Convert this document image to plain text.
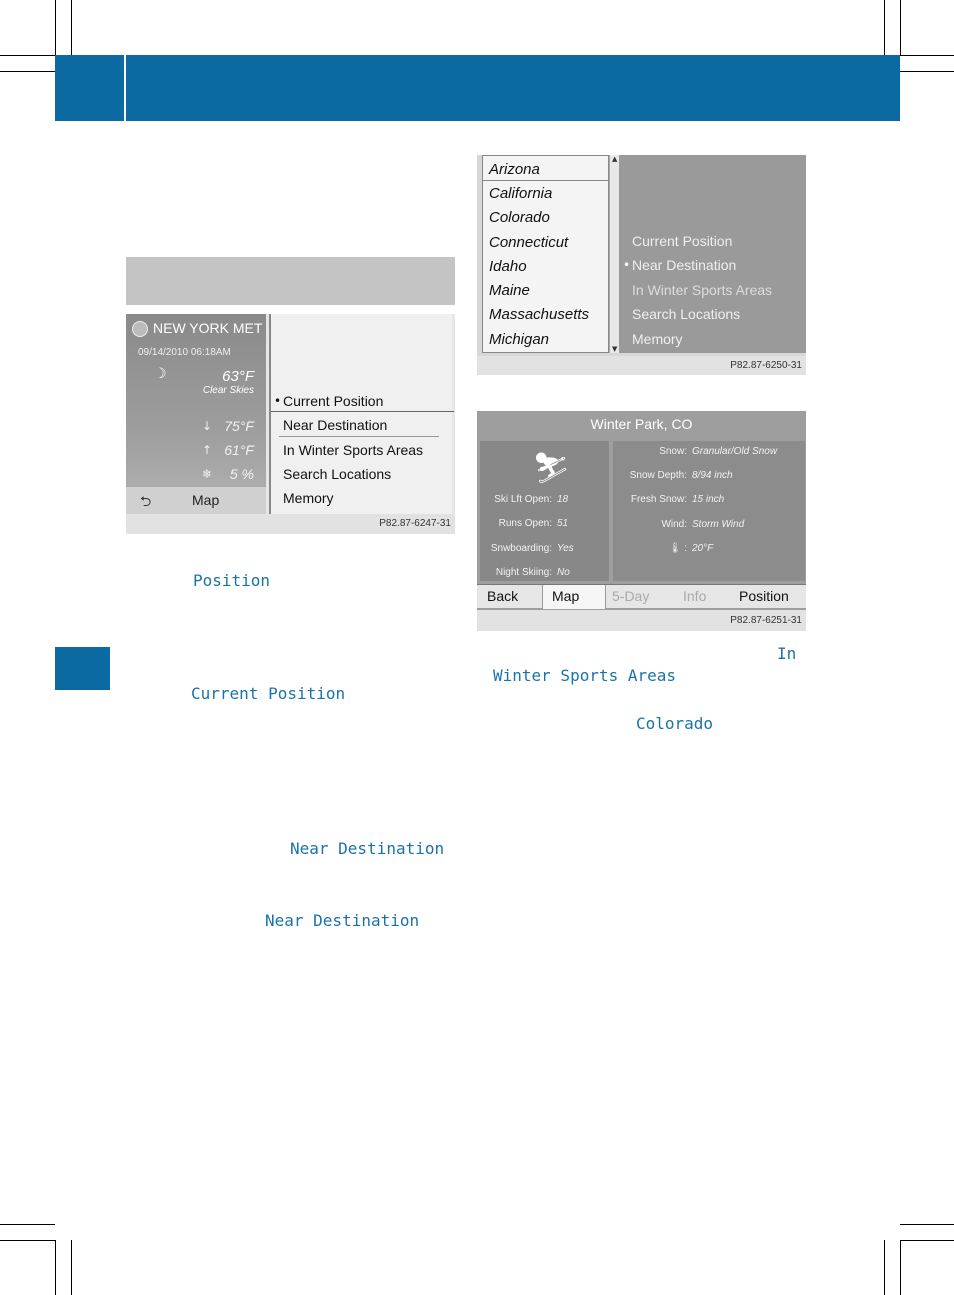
NEW YORK MET
09/14/2010 06:18AM
☽	63°F
Clear Skies
↓ 75°F
↑ 61°F
❄ 5 %
⮌	Map
• Current Position
Near Destination
In Winter Sports Areas
Search Locations
Memory
P82.87-6247-31
Position
Current Position
Near Destination
Near Destination
Arizona
California
Colorado
Connecticut
Idaho
Maine
Massachusetts
Michigan
▲
▼
Current Position
• Near Destination
In Winter Sports Areas
Search Locations
Memory
P82.87-6250-31
Winter Park, CO
⛷
Ski Lft Open: 18
Runs Open: 51
Snwboarding: Yes
Night Skiing: No
Snow: Granular/Old Snow
Snow Depth: 8/94 inch
Fresh Snow: 15 inch
Wind: Storm Wind
🌡 : 20°F
Back Map 5-Day Info Position
P82.87-6251-31
In
Winter Sports Areas
Colorado
